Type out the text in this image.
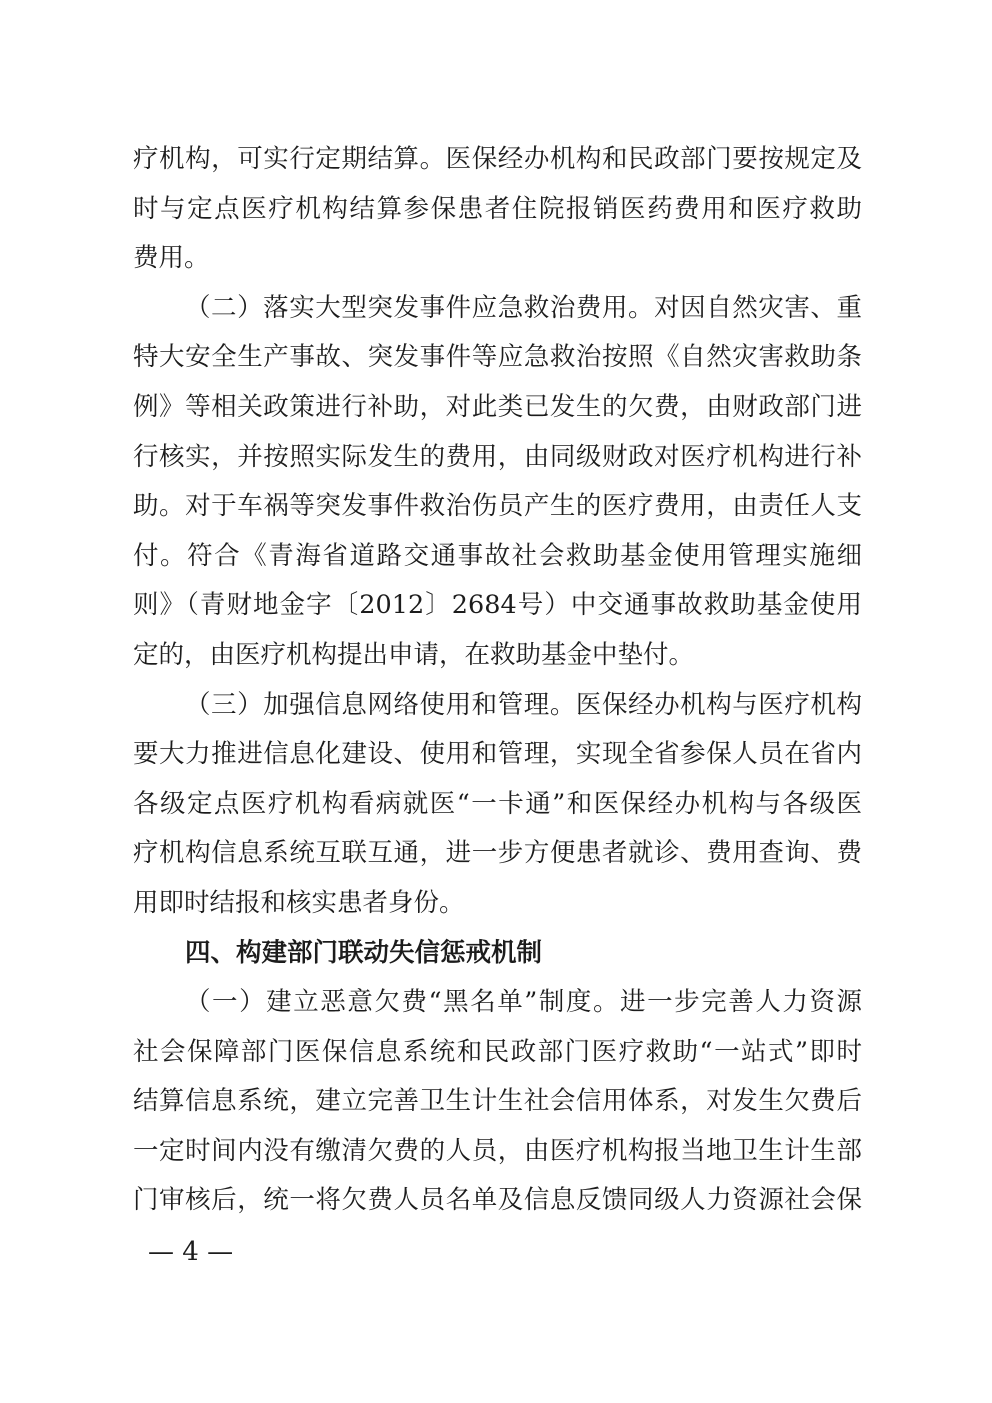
疗机构，可实行定期结算。医保经办机构和民政部门要按规定及
时与定点医疗机构结算参保患者住院报销医药费用和医疗救助
费用。
（二）落实大型突发事件应急救治费用。对因自然灾害、重
特大安全生产事故、突发事件等应急救治按照《自然灾害救助条
例》等相关政策进行补助，对此类已发生的欠费，由财政部门进
行核实，并按照实际发生的费用，由同级财政对医疗机构进行补
助。对于车祸等突发事件救治伤员产生的医疗费用，由责任人支
付。符合《青海省道路交通事故社会救助基金使用管理实施细
则》（青财地金字〔2012〕2684号）中交通事故救助基金使用
定的，由医疗机构提出申请，在救助基金中垫付。
（三）加强信息网络使用和管理。医保经办机构与医疗机构
要大力推进信息化建设、使用和管理，实现全省参保人员在省内
各级定点医疗机构看病就医“一卡通”和医保经办机构与各级医
疗机构信息系统互联互通，进一步方便患者就诊、费用查询、费
用即时结报和核实患者身份。
四、构建部门联动失信惩戒机制
（一）建立恶意欠费“黑名单”制度。进一步完善人力资源
社会保障部门医保信息系统和民政部门医疗救助“一站式”即时
结算信息系统，建立完善卫生计生社会信用体系，对发生欠费后
一定时间内没有缴清欠费的人员，由医疗机构报当地卫生计生部
门审核后，统一将欠费人员名单及信息反馈同级人力资源社会保
— 4 —
